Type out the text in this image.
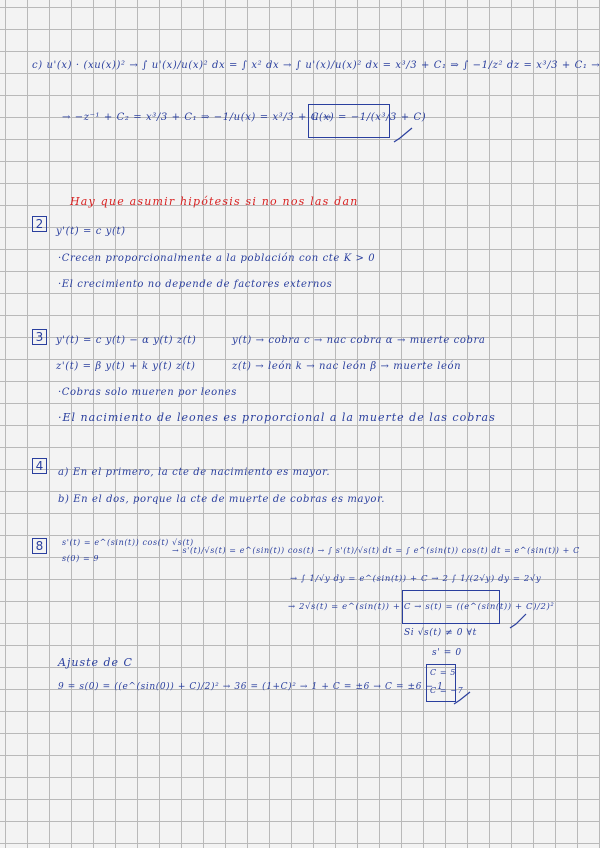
c) u'(x) · (xu(x))² → ∫ u'(x)/u(x)² dx = ∫ x² dx → ∫ u'(x)/u(x)² dx = x³/3 + C₁ ⇒ ∫ −1/z² dz = x³/3 + C₁ →
→ −z⁻¹ + C₂ = x³/3 + C₁ ⇒ −1/u(x) = x³/3 + C →
u(x) = −1/(x³/3 + C)
Hay que asumir hipótesis si no nos las dan
2
y'(t) = c y(t)
·Crecen proporcionalmente a la población con cte K > 0
·El crecimiento no depende de factores externos
3	y'(t) = c y(t) − α y(t) z(t)
z'(t) = β y(t) + k y(t) z(t)
y(t) → cobra c → nac cobra α → muerte cobra
z(t) → león k → nac león β → muerte león
·Cobras solo mueren por leones
·El nacimiento de leones es proporcional a la muerte de las cobras
4	a) En el primero, la cte de nacimiento es mayor.
b) En el dos, porque la cte de muerte de cobras es mayor.
8	s'(t) = e^(sin(t)) cos(t) √s(t)
s(0) = 9
→ s'(t)/√s(t) = e^(sin(t)) cos(t) → ∫ s'(t)/√s(t) dt = ∫ e^(sin(t)) cos(t) dt = e^(sin(t)) + C
→ ∫ 1/√y dy = e^(sin(t)) + C → 2 ∫ 1/(2√y) dy = 2√y
→ 2√s(t) = e^(sin(t)) + C → s(t) = ((e^(sin(t)) + C)/2)²
Si √s(t) ≠ 0 ∀t
s' = 0
Ajuste de C
9 = s(0) = ((e^(sin(0)) + C)/2)² → 36 = (1+C)² → 1 + C = ±6 → C = ±6 − 1
C = 5
C = −7
